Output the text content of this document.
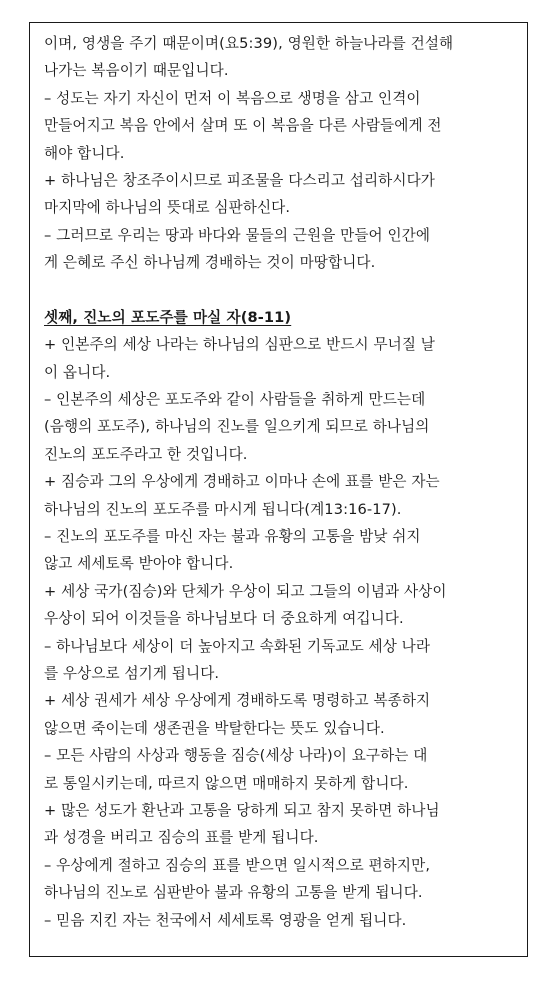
이며, 영생을 주기 때문이며(요5:39), 영원한 하늘나라를 건설해
나가는 복음이기 때문입니다.
– 성도는 자기 자신이 먼저 이 복음으로 생명을 삼고 인격이
만들어지고 복음 안에서 살며 또 이 복음을 다른 사람들에게 전
해야 합니다.
+ 하나님은 창조주이시므로 피조물을 다스리고 섭리하시다가
마지막에 하나님의 뜻대로 심판하신다.
– 그러므로 우리는 땅과 바다와 물들의 근원을 만들어 인간에
게 은혜로 주신 하나님께 경배하는 것이 마땅합니다.
셋째, 진노의 포도주를 마실 자(8-11)
+ 인본주의 세상 나라는 하나님의 심판으로 반드시 무너질 날
이 옵니다.
– 인본주의 세상은 포도주와 같이 사람들을 취하게 만드는데
(음행의 포도주), 하나님의 진노를 일으키게 되므로 하나님의
진노의 포도주라고 한 것입니다.
+ 짐승과 그의 우상에게 경배하고 이마나 손에 표를 받은 자는
하나님의 진노의 포도주를 마시게 됩니다(계13:16-17).
– 진노의 포도주를 마신 자는 불과 유황의 고통을 밤낮 쉬지
않고 세세토록 받아야 합니다.
+ 세상 국가(짐승)와 단체가 우상이 되고 그들의 이념과 사상이
우상이 되어 이것들을 하나님보다 더 중요하게 여깁니다.
– 하나님보다 세상이 더 높아지고 속화된 기독교도 세상 나라
를 우상으로 섬기게 됩니다.
+ 세상 권세가 세상 우상에게 경배하도록 명령하고 복종하지
않으면 죽이는데 생존권을 박탈한다는 뜻도 있습니다.
– 모든 사람의 사상과 행동을 짐승(세상 나라)이 요구하는 대
로 통일시키는데, 따르지 않으면 매매하지 못하게 합니다.
+ 많은 성도가 환난과 고통을 당하게 되고 참지 못하면 하나님
과 성경을 버리고 짐승의 표를 받게 됩니다.
– 우상에게 절하고 짐승의 표를 받으면 일시적으로 편하지만,
하나님의 진노로 심판받아 불과 유황의 고통을 받게 됩니다.
– 믿음 지킨 자는 천국에서 세세토록 영광을 얻게 됩니다.
